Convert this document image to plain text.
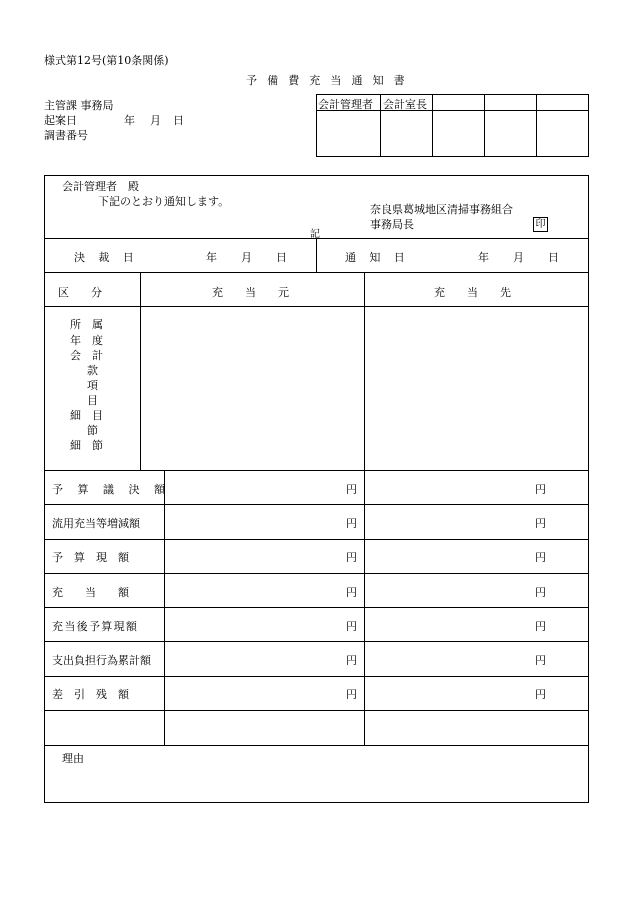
様式第12号(第10条関係)
予 備 費 充 当 通 知 書
主管課 事務局
起案日	年 月 日
調書番号
会計管理者 会計室長
会計管理者　殿
下記のとおり通知します。
奈良県葛城地区清掃事務組合
事務局長	印
記
決 裁 日	年 月 日	通 知 日	年 月 日
区　　分	充　　当　　元	充　　当　　先
所　属
年　度
会　計
款
項
目
細　目
節
細　節
予 算 議 決 額	円	円
流用充当等増減額	円	円
予　算　現　額	円	円
充　　当　　額	円	円
充当後予算現額	円	円
支出負担行為累計額	円	円
差　引　残　額	円	円
理由
